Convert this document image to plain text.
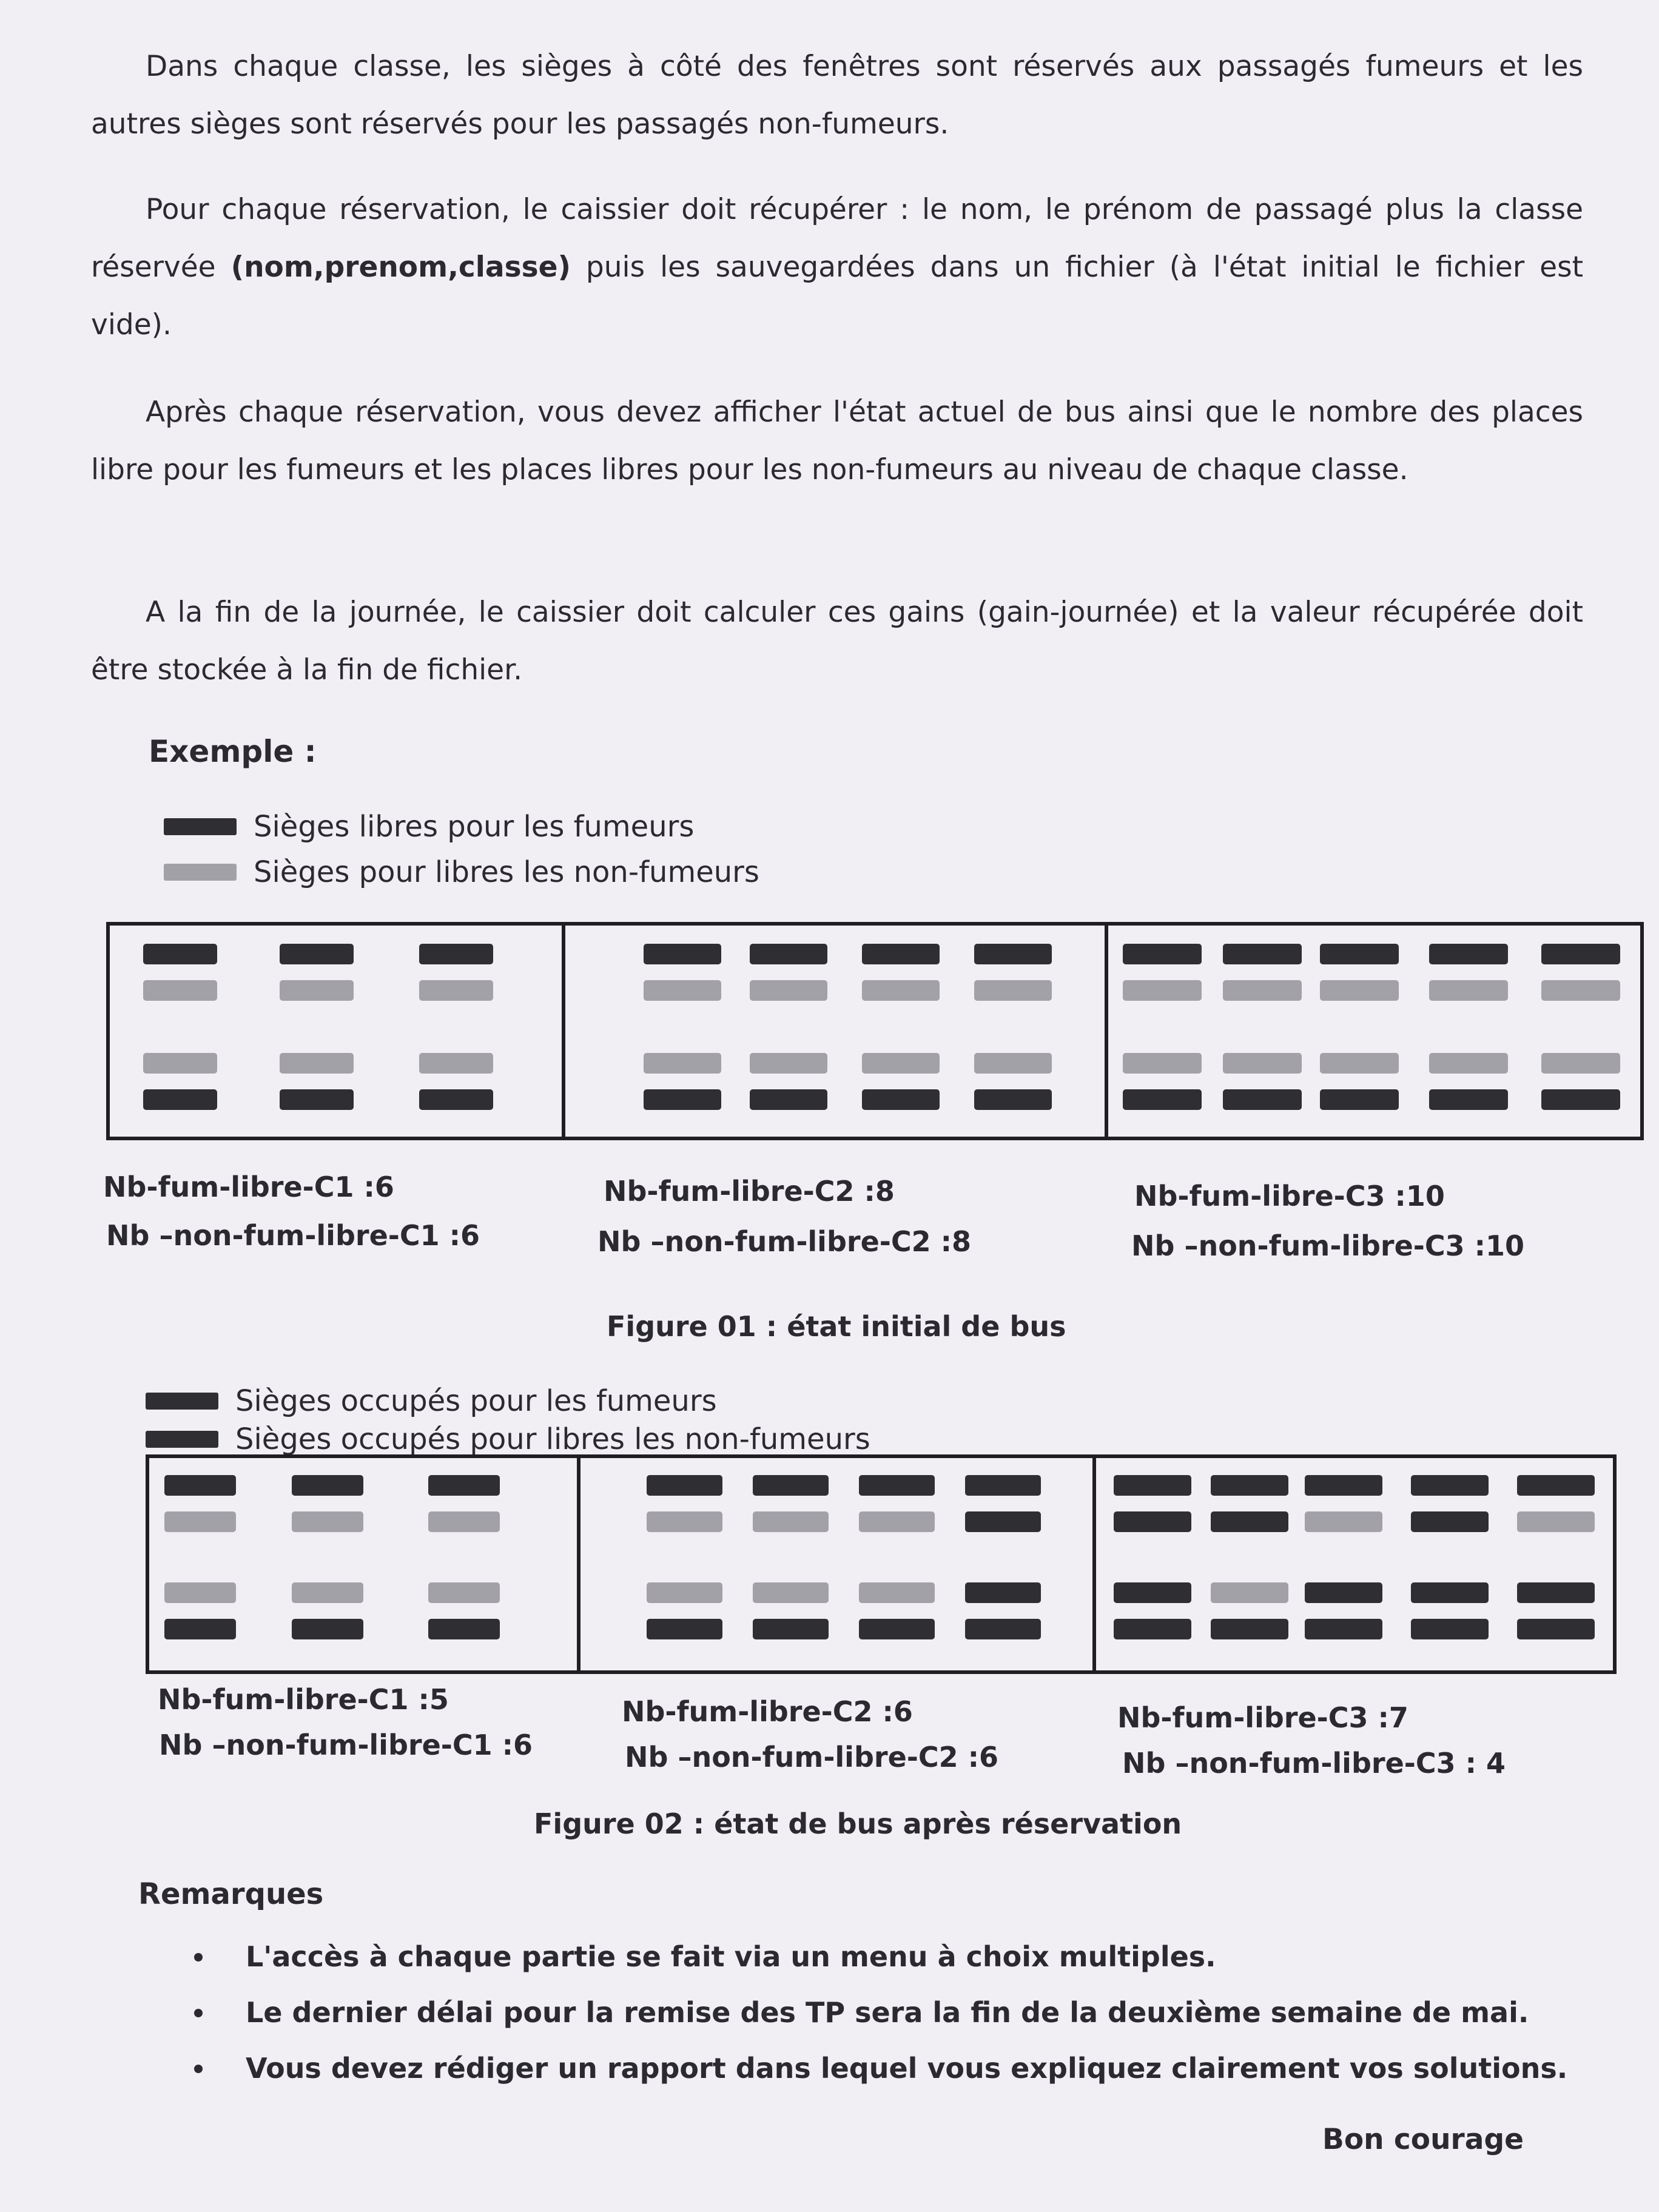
Dans chaque classe, les sièges à côté des fenêtres sont réservés aux passagés fumeurs et les autres sièges sont réservés pour les passagés non-fumeurs.

Pour chaque réservation, le caissier doit récupérer : le nom, le prénom de passagé plus la classe réservée (nom,prenom,classe) puis les sauvegardées dans un fichier (à l'état initial le fichier est vide).

Après chaque réservation, vous devez afficher l'état actuel de bus ainsi que le nombre des places libre pour les fumeurs et les places libres pour les non-fumeurs au niveau de chaque classe.

A la fin de la journée, le caissier doit calculer ces gains (gain-journée) et la valeur récupérée doit être stockée à la fin de fichier.

Exemple :
Sièges libres pour les fumeurs
Sièges pour libres les non-fumeurs
Nb-fum-libre-C1 :6
Nb –non-fum-libre-C1 :6
Nb-fum-libre-C2 :8
Nb –non-fum-libre-C2 :8
Nb-fum-libre-C3 :10
Nb –non-fum-libre-C3 :10
Figure 01 : état initial de bus
Sièges occupés pour les fumeurs
Sièges occupés pour libres les non-fumeurs
Nb-fum-libre-C1 :5
Nb –non-fum-libre-C1 :6
Nb-fum-libre-C2 :6
Nb –non-fum-libre-C2 :6
Nb-fum-libre-C3 :7
Nb –non-fum-libre-C3 : 4
Figure 02 : état de bus après réservation
Remarques
L'accès à chaque partie se fait via un menu à choix multiples.
Le dernier délai pour la remise des TP sera la fin de la deuxième semaine de mai.
Vous devez rédiger un rapport dans lequel vous expliquez clairement vos solutions.
Bon courage
